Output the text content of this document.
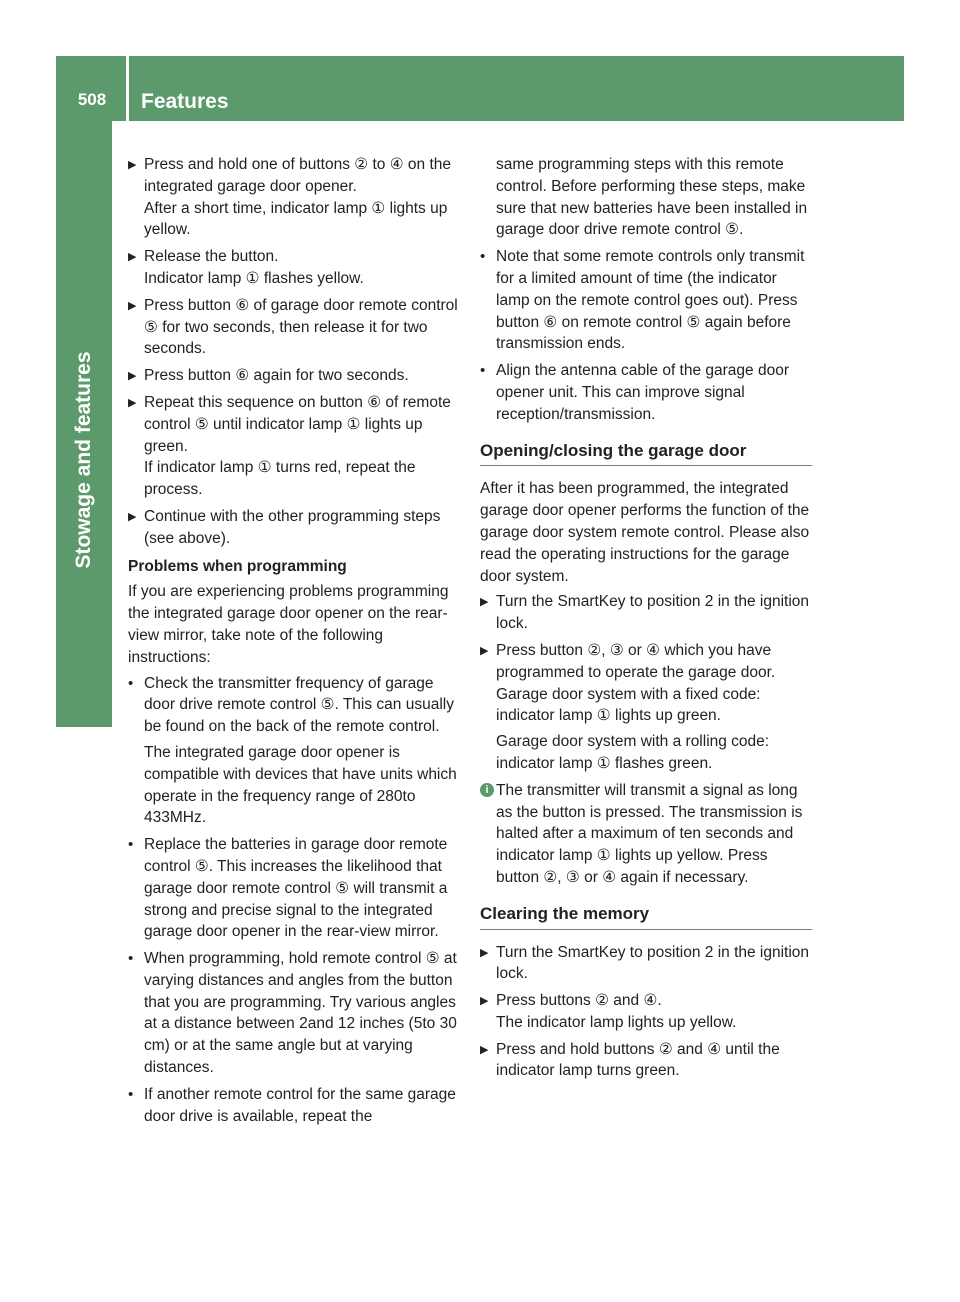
508	Features
Stowage and features
▶ Press and hold one of buttons ② to ④ on the integrated garage door opener.

After a short time, indicator lamp ① lights up yellow.

▶ Release the button.

Indicator lamp ① flashes yellow.

▶ Press button ⑥ of garage door remote control ⑤ for two seconds, then release it for two seconds.

▶ Press button ⑥ again for two seconds.

▶ Repeat this sequence on button ⑥ of remote control ⑤ until indicator lamp ① lights up green.

If indicator lamp ① turns red, repeat the process.

▶ Continue with the other programming steps (see above).

Problems when programming

If you are experiencing problems programming the integrated garage door opener on the rear-view mirror, take note of the following instructions:

• Check the transmitter frequency of garage door drive remote control ⑤. This can usually be found on the back of the remote control.

The integrated garage door opener is compatible with devices that have units which operate in the frequency range of 280to 433MHz.

• Replace the batteries in garage door remote control ⑤. This increases the likelihood that garage door remote control ⑤ will transmit a strong and precise signal to the integrated garage door opener in the rear-view mirror.

• When programming, hold remote control ⑤ at varying distances and angles from the button that you are programming. Try various angles at a distance between 2and 12 inches (5to 30 cm) or at the same angle but at varying distances.

• If another remote control for the same garage door drive is available, repeat the

same programming steps with this remote control. Before performing these steps, make sure that new batteries have been installed in garage door drive remote control ⑤.

• Note that some remote controls only transmit for a limited amount of time (the indicator lamp on the remote control goes out). Press button ⑥ on remote control ⑤ again before transmission ends.

• Align the antenna cable of the garage door opener unit. This can improve signal reception/transmission.

Opening/closing the garage door

After it has been programmed, the integrated garage door opener performs the function of the garage door system remote control. Please also read the operating instructions for the garage door system.

▶ Turn the SmartKey to position 2 in the ignition lock.

▶ Press button ②, ③ or ④ which you have programmed to operate the garage door.

Garage door system with a fixed code: indicator lamp ① lights up green.

Garage door system with a rolling code: indicator lamp ① flashes green.

i The transmitter will transmit a signal as long as the button is pressed. The transmission is halted after a maximum of ten seconds and indicator lamp ① lights up yellow. Press button ②, ③ or ④ again if necessary.

Clearing the memory
▶ Turn the SmartKey to position 2 in the ignition lock.

▶ Press buttons ② and ④.

The indicator lamp lights up yellow.

▶ Press and hold buttons ② and ④ until the indicator lamp turns green.
